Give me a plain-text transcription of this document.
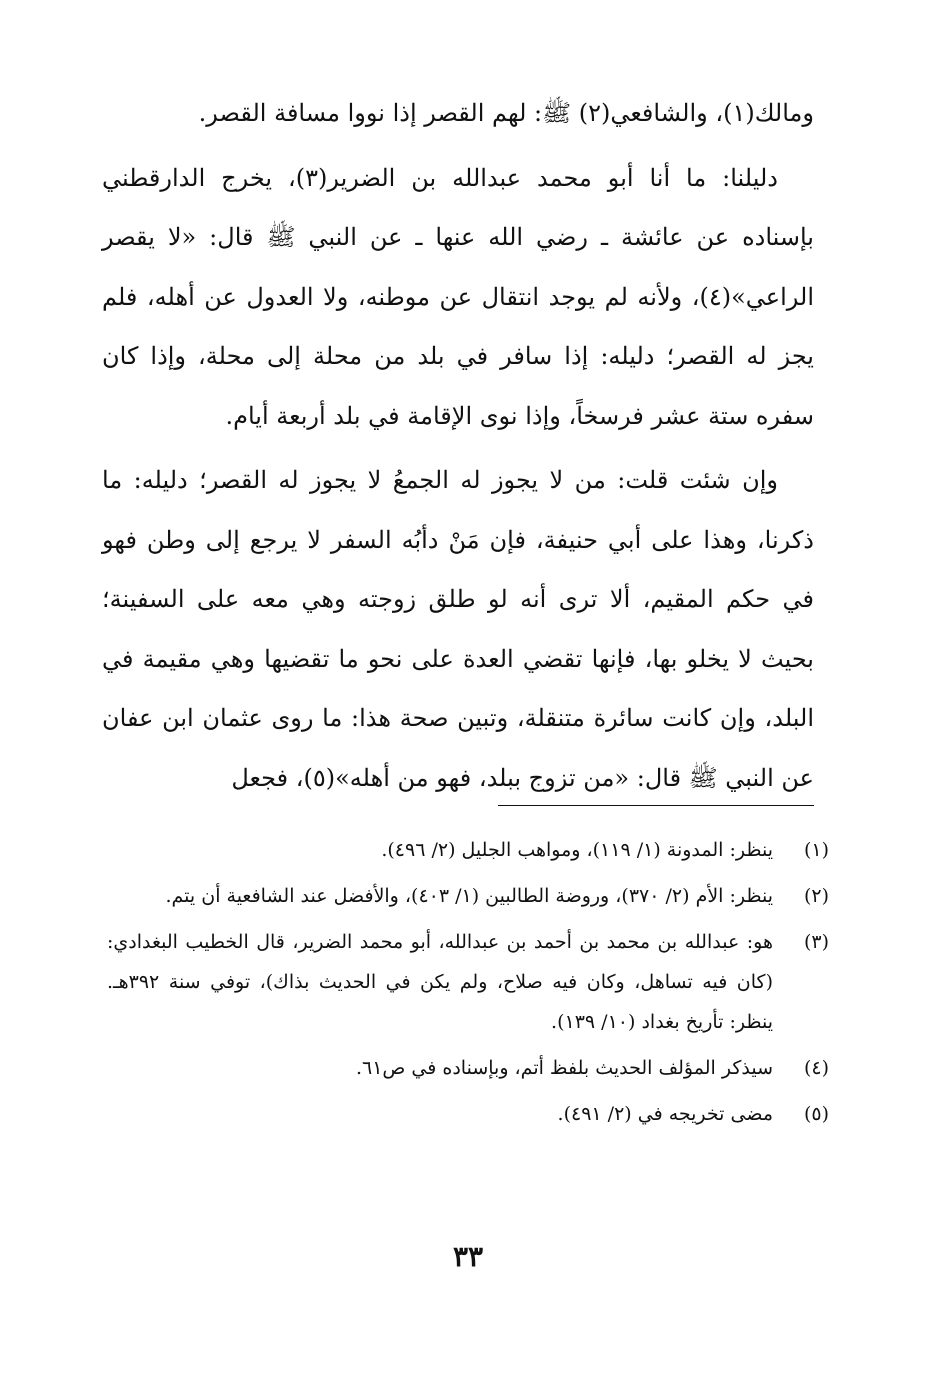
ومالك(١)، والشافعي(٢) ﷺ: لهم القصر إذا نووا مسافة القصر.

دليلنا: ما أنا أبو محمد عبدالله بن الضرير(٣)، يخرج الدارقطني بإسناده عن عائشة ـ رضي الله عنها ـ عن النبي ﷺ قال: «لا يقصر الراعي»(٤)، ولأنه لم يوجد انتقال عن موطنه، ولا العدول عن أهله، فلم يجز له القصر؛ دليله: إذا سافر في بلد من محلة إلى محلة، وإذا كان سفره ستة عشر فرسخاً، وإذا نوى الإقامة في بلد أربعة أيام.

وإن شئت قلت: من لا يجوز له الجمعُ لا يجوز له القصر؛ دليله: ما ذكرنا، وهذا على أبي حنيفة، فإن مَنْ دأبُه السفر لا يرجع إلى وطن فهو في حكم المقيم، ألا ترى أنه لو طلق زوجته وهي معه على السفينة؛ بحيث لا يخلو بها، فإنها تقضي العدة على نحو ما تقضيها وهي مقيمة في البلد، وإن كانت سائرة متنقلة، وتبين صحة هذا: ما روى عثمان ابن عفان عن النبي ﷺ قال: «من تزوج ببلد، فهو من أهله»(٥)، فجعل

(١)
ينظر: المدونة (١/ ١١٩)، ومواهب الجليل (٢/ ٤٩٦).
(٢)
ينظر: الأم (٢/ ٣٧٠)، وروضة الطالبين (١/ ٤٠٣)، والأفضل عند الشافعية أن يتم.
(٣)
هو: عبدالله بن محمد بن أحمد بن عبدالله، أبو محمد الضرير، قال الخطيب البغدادي: (كان فيه تساهل، وكان فيه صلاح، ولم يكن في الحديث بذاك)، توفي سنة ٣٩٢هـ. ينظر: تأريخ بغداد (١٠/ ١٣٩).
(٤)
سيذكر المؤلف الحديث بلفظ أتم، وبإسناده في ص٦١.
(٥)
مضى تخريجه في (٢/ ٤٩١).
٣٣
